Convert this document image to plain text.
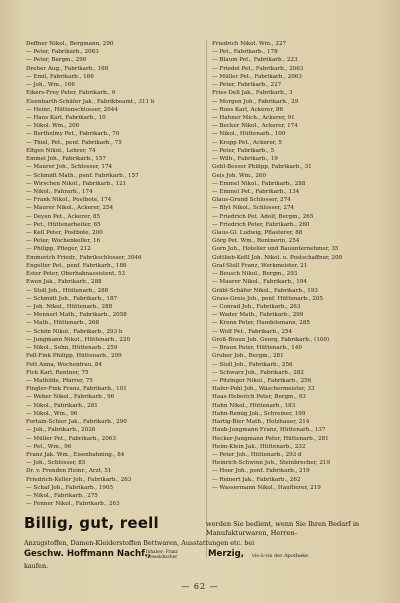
Deffner Nikol., Bergmann, 290
— Peter, Fabrikarb., 2063
— Peter, Bergm., 290
Dreher Aug., Fabrikarb., 168
— Emil, Fabrikarb., 166
— Joh., Wm., 166
Eikers-Frey Peter, Fabrikarb., 6
Eisenbarth-Schäfer Jak., Fabrikbeamt., 311 b
— Heinr., Hüttenschlosser, 2044
— Hans Karl, Fabrikarb., 10
— Nikol. Wm., 200
— Berthelmy Pet., Fabrikarb., 70
— Thiel, Pet., penf. Fabrikarb., 75
Eltges Nikol., Lehrer, 74
Emmel Joh., Fabrikarb., 157
— Maurer Joh., Schlosser, 174
— Schmidt Math., penf. Fabrikarb., 157
— Wirschen Nikol., Fabrikarb., 121
— Nikol., Fahrarb., 174
— Frank Nikol., Postbote, 174
— Maurer Nikol., Ackerer, 254
— Deyen Pet., Ackerer, 85
— Pet., Hüttenarbeiter, 65
— Kell Peter, Postbote, 200
— Peter, Wochenkeller, 16
— Philipp, Pfleger, 212
Emmerich Friedr., Fabrikschlosser, 3046
Engelter Pet., penf. Fabrikarb., 186
Ester Peter, Oberbahnassistent, 53
Ewen Jak., Fabrikarb., 288
— Stoll Joh., Hüttenarb., 288
— Schmidt Joh., Fabrikarb., 187
— Joh. Nikol., Hüttenarb., 288
— Mennerl Math., Fabrikarb., 2058
— Math., Hüttenarb., 268
— Schön Nikol., Fabrikarb., 293 b
— Jungmann Nikol., Hüttenarb., 220
— Nikol., Sohn, Hüttenarb., 259
Fell-Fink Philipp, Hüttenarb., 209
Fett Anna, Wochenfrau, 84
Fick Karl, Rentner, 75
— Mathilde, Pfarrer, 75
Fingler-Fink Franz, Fabrikarb., 101
— Weber Nikol., Fabrikarb., 96
— Nikol., Fabrikarb., 281
— Nikol., Wm., 96
Fortain-Schier Jak., Fabrikarb., 290
— Joh., Fabrikarb., 2026
— Müller Pet., Fabrikarb., 2063
— Pet., Wm., 96
Franz Jak. Wm., Eisenbahning., 84
— Joh., Schlosser, 85
Dr. v. Frenden Heinr., Arzt, 51
Friedrich-Keller Joh., Fabrikarb., 263
— Schaf Joh., Fabrikarb., 1905
— Nikol., Fabrikarb., 275
— Fenner Nikol., Fabrikarb., 263
Friedrich Nikol. Wm., 227
— Pet., Fabrikarb., 178
— Blaum Pet., Fabrikarb., 223
— Friedel Pet., Fabrikarb., 2063
— Müller Pet., Fabrikarb., 2063
— Peter, Fabrikarb., 227
Fries-Dell Jak., Fabrikarb., 3
— Morgen Joh., Fabrikarb., 29
— Roos Karl, Ackerer, 86
— Hahner Mich., Ackerer, 91
— Becker Nikol., Ackerer, 174
— Nikol., Hüttenarb., 100
— Kropp Pet., Ackerer, 5
— Peter, Fabrikarb., 5
— Wilh., Fabrikarb., 19
Gebl-Besser Philipp, Fabrikarb., 31
Geis Joh. Wm., 260
— Emmel Nikol., Fabrikarb., 288
— Emmel Pet., Fabrikarb., 134
Glaus-Grund Schlosser, 274
— Blyt Nikol., Schlosser, 274
— Friedrich Pet. Adolf, Bergm., 265
— Friedrich Peter, Fabrikarb., 260
Glaus-Gl. Ludwig, Pflasterer, 88
Görg Pet. Wm., Rentnerin, 254
Gorn Joh., Hotelier und Bauunternehmer, 35
Gottlieb-Keßl Joh. Nikol. u. Postschaffner, 200
Graf-Stoll Franz, Werkmeister, 21
— Beusch Nikol., Bergm., 293
— Maurer Nikol., Fabrikarb., 194
Gräbl-Schäfer Nikol., Fabrikarb., 193
Grass-Greis Joh., penf. Hüttenarb., 205
— Conrad Joh., Fabrikarb., 263
— Wader Math., Fabrikarb., 299
— Krenn Peter, Handelsmann, 285
— Wolf Pet., Fabrikarb., 254
Groß-Braun Joh. Georg, Fabrikarb., (100)
— Braun Peter, Hüttenarb., 140
Gruber Joh., Bergm., 281
— Stoll Joh., Fabrikarb., 256
— Schwarz Joh., Fabrikarb., 282
— Pitzinger Nikol., Fabrikarb., 256
Hafer-Pohl Joh., Wäschermeister, 33
Haas-Heberich Peter, Bergm., 93
Hahn Nikol., Hüttenarb., 183
Hahn-Remig Joh., Schreiner, 199
Hartig-Bier Math., Holzhauer, 214
Haub-Jungmann Franz, Hüttenarb., 137
Hecker-Jungmann Peter, Hüttenarb., 281
Heim-Klein Jak., Hüttenarb., 232
— Peter Joh., Hüttenarb., 293 d
Heinrich-Schwinn Joh., Steinbrecher, 219
— Hoer Joh., penf. Fabrikarb., 219
— Reinert Jak., Fabrikarb., 262
— Wassermann Nikol., Hauflierer, 219
Billig, gut, reell	werden Sie bedient, wenn Sie Ihren Bedarf in Manufakturwaren, Herren-
Anzugstoffen, Damen-Kleiderstoffen Bettwaren, Ausstattungen etc. bei
Geschw. Hoffmann Nachf.,
Inhaber: Franz Grauelsbacher	Merzig, vis-à-vis der Apotheke
kaufen.
— 62 —
